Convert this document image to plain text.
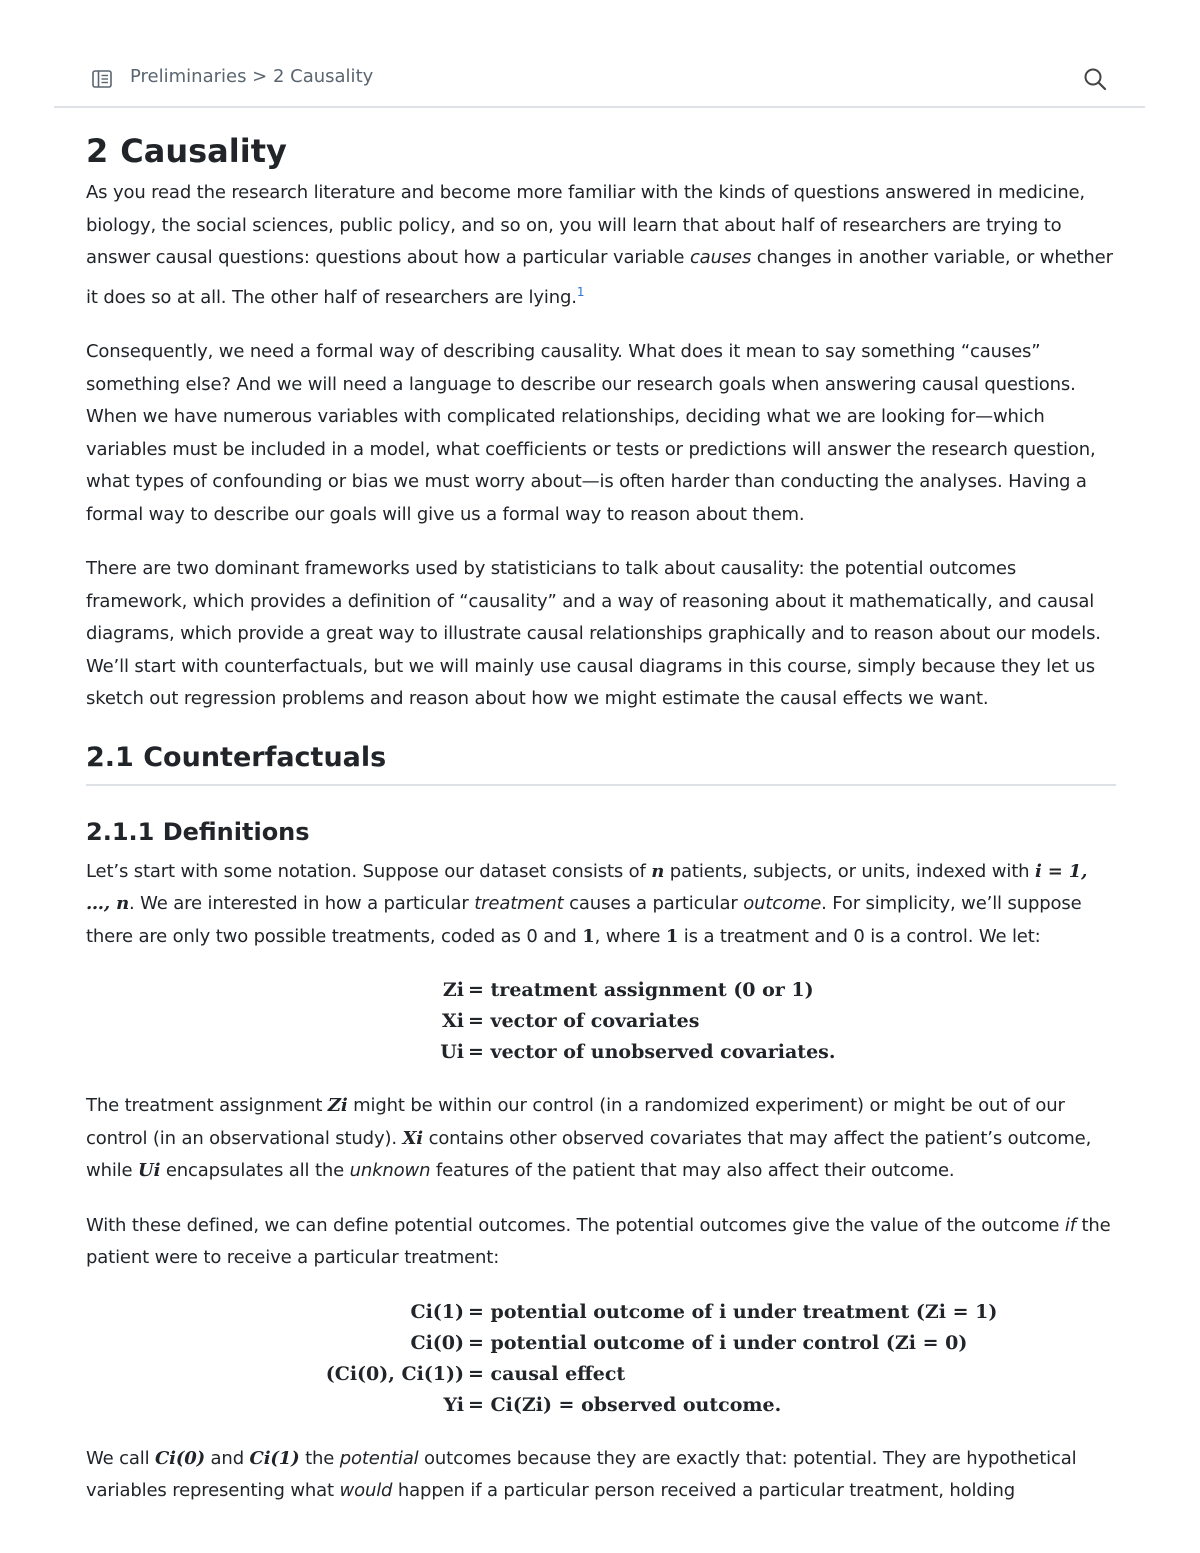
Preliminaries > 2 Causality
2 Causality

As you read the research literature and become more familiar with the kinds of questions answered in medicine, biology, the social sciences, public policy, and so on, you will learn that about half of researchers are trying to answer causal questions: questions about how a particular variable causes changes in another variable, or whether it does so at all. The other half of researchers are lying.$^1$

Consequently, we need a formal way of describing causality. What does it mean to say something “causes” something else? And we will need a language to describe our research goals when answering causal questions. When we have numerous variables with complicated relationships, deciding what we are looking for—which variables must be included in a model, what coefficients or tests or predictions will answer the research question, what types of confounding or bias we must worry about—is often harder than conducting the analyses. Having a formal way to describe our goals will give us a formal way to reason about them.

There are two dominant frameworks used by statisticians to talk about causality: the potential outcomes framework, which provides a definition of “causality” and a way of reasoning about it mathematically, and causal diagrams, which provide a great way to illustrate causal relationships graphically and to reason about our models. We’ll start with counterfactuals, but we will mainly use causal diagrams in this course, simply because they let us sketch out regression problems and reason about how we might estimate the causal effects we want.

2.1 Counterfactuals
2.1.1 Definitions

Let’s start with some notation. Suppose our dataset consists of n patients, subjects, or units, indexed with i = 1, …, n. We are interested in how a particular treatment causes a particular outcome. For simplicity, we’ll suppose there are only two possible treatments, coded as 0 and 1, where 1 is a treatment and 0 is a control. We let:

Zi = treatment assignment (0 or 1)
Xi = vector of covariates
Ui = vector of unobserved covariates.

The treatment assignment Zi might be within our control (in a randomized experiment) or might be out of our control (in an observational study). Xi contains other observed covariates that may affect the patient’s outcome, while Ui encapsulates all the unknown features of the patient that may also affect their outcome.

With these defined, we can define potential outcomes. The potential outcomes give the value of the outcome if the patient were to receive a particular treatment:

Ci(1) = potential outcome of i under treatment (Zi = 1)
Ci(0) = potential outcome of i under control (Zi = 0)
(Ci(0), Ci(1)) = causal effect
Yi = Ci(Zi) = observed outcome.

We call Ci(0) and Ci(1) the potential outcomes because they are exactly that: potential. They are hypothetical variables representing what would happen if a particular person received a particular treatment, holding
